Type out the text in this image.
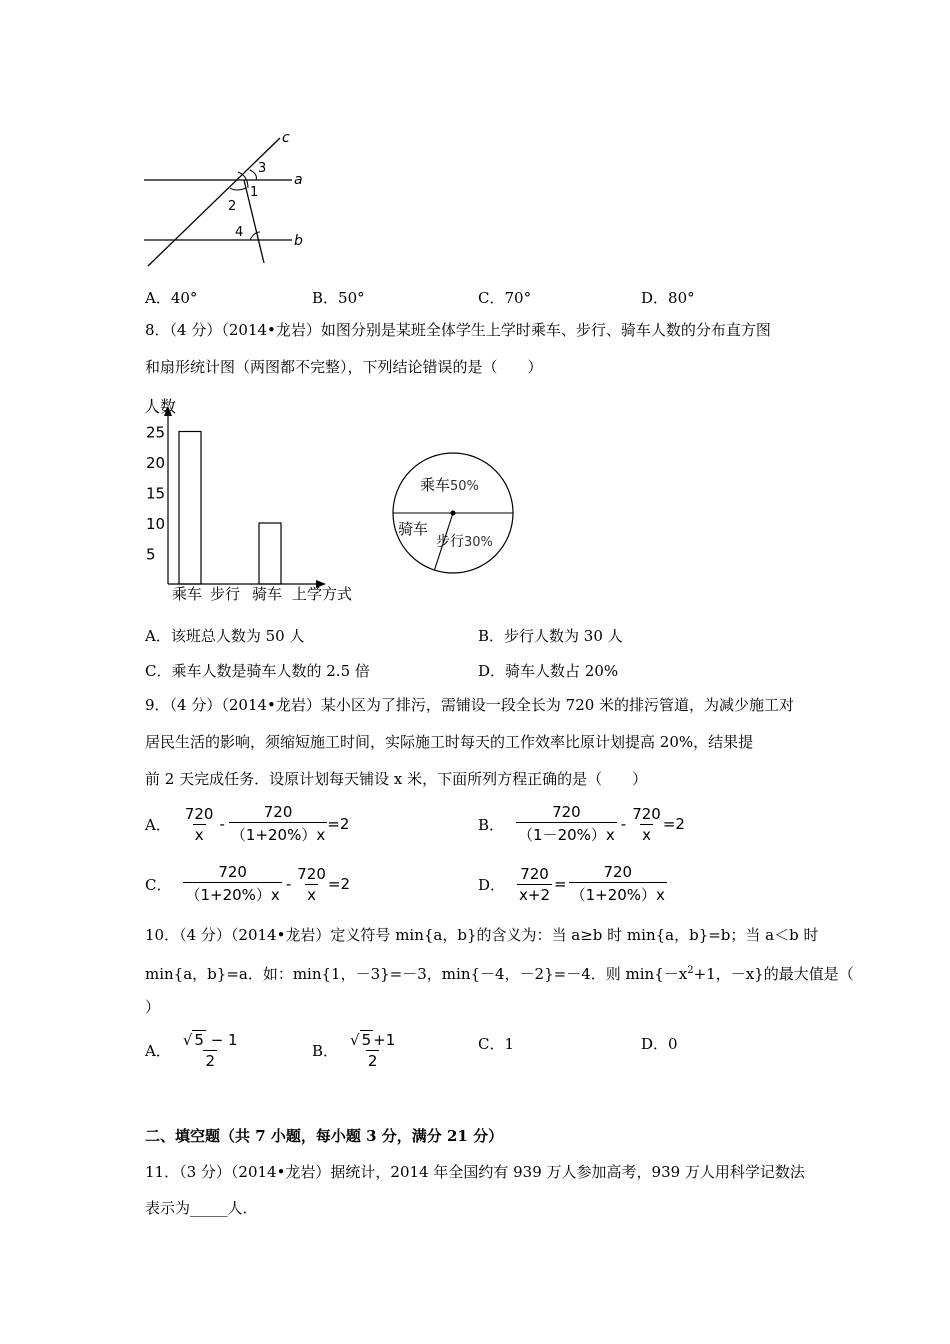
c
a
b
3
1
2
4
A．40°	B．50°	C．70°	D．80°
8．（4 分）（2014•龙岩）如图分别是某班全体学生上学时乘车、步行、骑车人数的分布直方图
和扇形统计图（两图都不完整），下列结论错误的是（　　）
人数
上学方式
5
10
15
20
25
乘车 步行 骑车
乘车50%
步行30%
骑车
A．该班总人数为 50 人	B．步行人数为 30 人
C．乘车人数是骑车人数的 2.5 倍	D．骑车人数占 20%
9．（4 分）（2014•龙岩）某小区为了排污，需铺设一段全长为 720 米的排污管道，为减少施工对
居民生活的影响，须缩短施工时间，实际施工时每天的工作效率比原计划提高 20%，结果提
前 2 天完成任务．设原计划每天铺设 x 米，下面所列方程正确的是（　　）
A． $\frac{720}{x} - \frac{720}{(1+20\%)x} =2$	B． $\frac{720}{(1-20\%)x} - \frac{720}{x} =2$
C． $\frac{720}{(1+20\%)x} - \frac{720}{x} =2$	D． $\frac{720}{x+2} = \frac{720}{(1+20\%)x}$
10．（4 分）（2014•龙岩）定义符号 min{a，b}的含义为：当 a≥b 时 min{a，b}=b；当 a＜b 时
min{a，b}=a．如：min{1，－3}=－3，min{－4，－2}=－4．则 $\min\{-x^2+1$，－x}的最大值是（
）
A． $\frac{√ 5 - 1}{2}$	B． $\frac{√ 5 +1}{2}$	C．1	D．0
二、填空题（共 7 小题，每小题 3 分，满分 21 分）
11．（3 分）（2014•龙岩）据统计，2014 年全国约有 939 万人参加高考，939 万人用科学记数法
表示为_____人．
